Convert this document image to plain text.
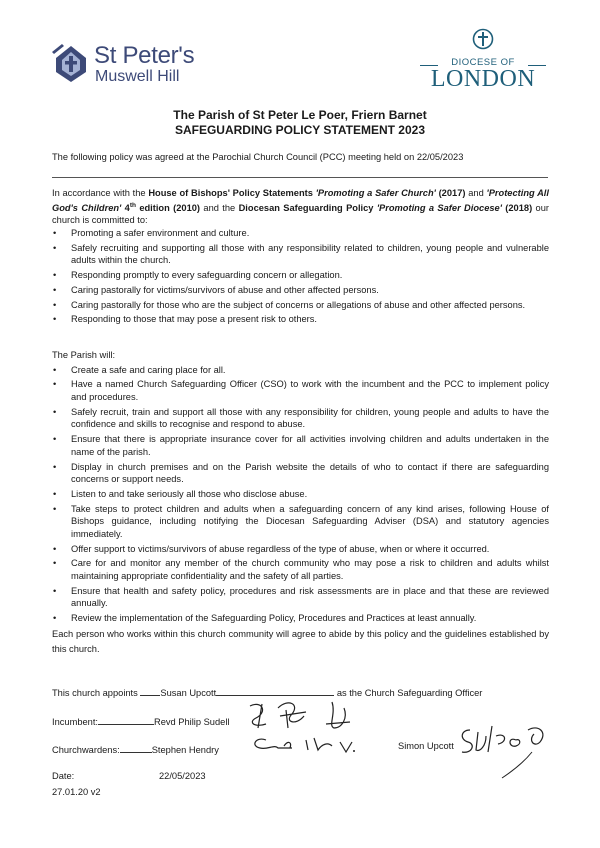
St Peter's
Muswell Hill
DIOCESE OF
LONDON
The Parish of St Peter Le Poer, Friern Barnet
SAFEGUARDING POLICY STATEMENT 2023
The following policy was agreed at the Parochial Church Council (PCC) meeting held on 22/05/2023

In accordance with the House of Bishops' Policy Statements 'Promoting a Safer Church' (2017) and 'Protecting All God's Children' 4th edition (2010) and the Diocesan Safeguarding Policy 'Promoting a Safer Diocese' (2018) our church is committed to:

• Promoting a safer environment and culture.
• Safely recruiting and supporting all those with any responsibility related to children, young people and vulnerable adults within the church.
• Responding promptly to every safeguarding concern or allegation.
• Caring pastorally for victims/survivors of abuse and other affected persons.
• Caring pastorally for those who are the subject of concerns or allegations of abuse and other affected persons.
• Responding to those that may pose a present risk to others.

The Parish will:

• Create a safe and caring place for all.
• Have a named Church Safeguarding Officer (CSO) to work with the incumbent and the PCC to implement policy and procedures.
• Safely recruit, train and support all those with any responsibility for children, young people and adults to have the confidence and skills to recognise and respond to abuse.
• Ensure that there is appropriate insurance cover for all activities involving children and adults undertaken in the name of the parish.
• Display in church premises and on the Parish website the details of who to contact if there are safeguarding concerns or support needs.
• Listen to and take seriously all those who disclose abuse.
• Take steps to protect children and adults when a safeguarding concern of any kind arises, following House of Bishops guidance, including notifying the Diocesan Safeguarding Adviser (DSA) and statutory agencies immediately.
• Offer support to victims/survivors of abuse regardless of the type of abuse, when or where it occurred.
• Care for and monitor any member of the church community who may pose a risk to children and adults whilst maintaining appropriate confidentiality and the safety of all parties.
• Ensure that health and safety policy, procedures and risk assessments are in place and that these are reviewed annually.
• Review the implementation of the Safeguarding Policy, Procedures and Practices at least annually.

Each person who works within this church community will agree to abide by this policy and the guidelines established by this church.

This church appoints Susan Upcott	as the Church Safeguarding Officer
Incumbent:	Revd Philip Sudell
Churchwardens:	Stephen Hendry	Simon Upcott
Date:	22/05/2023
27.01.20 v2
